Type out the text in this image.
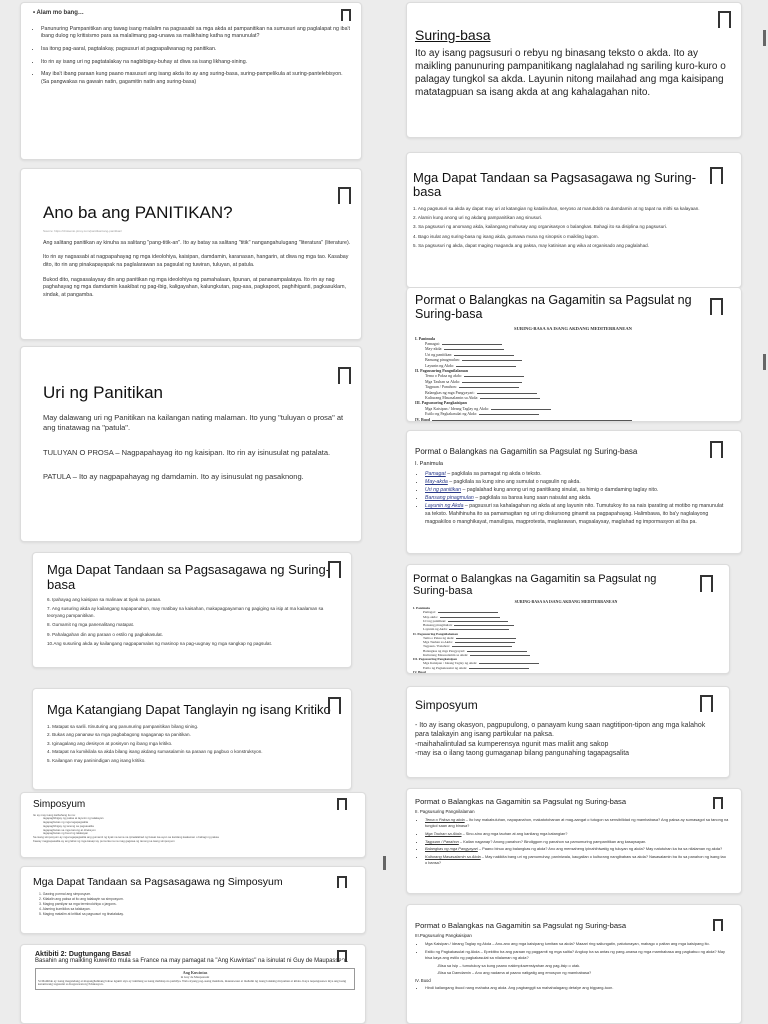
• Alam mo bang…
• Panunuring Pampanitikan ang tawag isang malalim na pagsasabi sa mga akda at pampanitikan na sumusuri ang paglalapat ng iba't ibang dulog ng kritisismo para sa malalimang pag-unawa sa malikhaing katha ng manunulat?
• Isa itong pag-aaral, pagtalakay, pagsusuri at pagpapaliwanag ng panitikan.
• Ito rin ay isang uri ng pagtatalakay na nagbibigay-buhay at diwa sa isang likhang-sining.
• May iba't ibang paraan kung paano masusuri ang isang akda ito ay ang suring-basa, suring-pampelikula at suring-pantelebisyon. (Sa pangwakas na gawain natin, gagamitin natin ang suring-basa)
Ano ba ang PANITIKAN?
Source: https://dmisenio.pinoy.com/panitikan/ang-panitikan/

Ang salitang panitikan ay kinuha sa salitang "pang-titik-an". Ito ay batay sa salitang "titik" nangangahulugang "literatura" (literature).

Ito rin ay nagsasabi at nagpapahayag ng mga ideolohiya, kaisipan, damdamin, karanasan, hangarin, at diwa ng mga tao. Kasabay dito, ito rin ang pinakapayapak na paglalarawan sa pagsulat ng tuwiran, tuluyan, at patula.

Bukod dito, nagsasalaysay din ang panitikan ng mga ideolohiya ng pamahalaan, lipunan, at pananampalataya. Ito rin ay nag paghahayag ng mga damdamin kaakibat ng pag-ibig, kaligayahan, kalungkutan, pag-asa, pagkapoot, paghihiganti, pagkasuklam, sindak, at pangamba.

Uri ng Panitikan

May dalawang uri ng Panitikan na kailangan nating malaman. Ito yung "tuluyan o prosa" at ang tinatawag na "patula".

TULUYAN O PROSA – Nagpapahayag ito ng kaisipan. Ito rin ay isinusulat ng patalata.

PATULA – Ito ay nagpapahayag ng damdamin. Ito ay isinusulat ng pasaknong.

Mga Dapat Tandaan sa Pagsasagawa ng Suring-basa

6. Ipahayag ang kaisipan sa malinaw at tiyak na paraan.

7. Ang susuring akda ay kailangang napapanahon, may matibay na kaisahan, makapagpayaman ng pagiging sa isip at ma kaalaman sa teoryang pampanitikan.

8. Gumamit ng mga panenalitang matapat.

9. Pahalagahan din ang paraan o estilo ng pagkakasulat.

10.Ang susuriing akda ay kailangang nagpapamalas ng masinop na pag-uugnay ng mga sangkap ng pagsulat.

Mga Katangiang Dapat Tanglayin ng isang Kritiko

1. Matapat sa sarili. Itinuturing ang panunuring pampanitikan bilang sining.

2. Bukas ang pananaw sa mga pagbabagong nagaganap sa panitikan.

3. Iginagalang ang desisyon at posisyon ng ibang mga kritiko.

4. Matapat na kumikilala sa akda bilang isang akdang sumasalamin sa paraan ng pagbuo o konstruksyon.

5. Kailangan may paninindigan ang isang kritiko.

Simposyum
Ito ay may isang kaibahang ito na:
tagapagbibigay ng paksa at layunin ng talakayan
tagapagbukas ng mga tagapagsalita
tagapagbibigay ng tanong sa pagsasalita
tagapagbukas sa mga tanong at direksyon
tagapagbukas ng buod ng talakayan
Sa isang simposyum ay mga tagapagsalita ang gumamit ng tiyak na tema na ipinalalahad ng bawat isa ayon sa kanilang kaalaman o bahagi ng paksa
Kaway magpapasalita ay ang lahat ng mga kasapi ay pumunta na na mag gagawa ng tanong sa isang simposyum
Mga Dapat Tandaan sa Pagsasagawa ng Simposyum
1. Gawing pormal ang simposyum.
2. Kilalalin ang paksa at ito ang talakayin sa simposyum.
3. Maging pamilyar sa mga terminolohiya o jargons.
4. Alaming kumikilos sa talakayan.
5. Maging matalim at kritikal sa pagsusuri ng tinatalakay.
Aktibiti 2: Dugtungang Basa!
Basahin ang maikling kuwento mula sa France na may pamagat na "Ang Kuwintas" na isinulat ni Guy de Maupassant.
Ang Kuwintas
ni Guy de Maupassant
Si Mathilde ay isang magandang at mapanghalinang babae ngunit siya ay isinilang sa isang mahirap na pamilya. Wala siyang pag-asang makilala, maunawaan at mahalin ng isang lalaking mayaman at kilala. Kaya napangasawa niya ang isang karaniwang tagasulat sa Kagawaran ng Edukasyon.
Suring-basa

Ito ay isang pagsusuri o rebyu ng binasang teksto o akda. Ito ay maikling panunuring pampanitikang naglalahad ng sariling kuro-kuro o palagay tungkol sa akda. Layunin nitong mailahad ang mga kaisipang matatagpuan sa isang akda at ang kahalagahan nito.

Mga Dapat Tandaan sa Pagsasagawa ng Suring-basa

1. Ang pagsusuri sa akda ay dapat may uri at katangian ng katalinuhan, seryoso at marubdob na damdamin at ng tapat na mithi sa kalayaan.

2. Alamin kung anong uri ng akdang pampanitikan ang sinusuri.

3. Sa pagsusuri ng anomang akda, kailangang mahusay ang organisasyon o balangkas. Bahagi ito sa disiplina ng pagsusuri.

4. Bago isulat ang suring-basa ng isang akda, gumawa muna ng sinopsis o maikling lagom.

5. Sa pagsusuri ng akda, dapat maging maganda ang paksa, may katinisan ang wika at organisado ang paglalahad.

Pormat o Balangkas na Gagamitin sa Pagsulat ng Suring-basa
SURING-BASA SA ISANG AKDANG MEDITERRANEAN
I. Panimula
Pamagat:
May-akda:
Uri ng panitikan:
Bansang pinagmulan:
Layunin ng Akda:
II. Pagsusuring Pangnilalaman
Tema o Paksa ng akda:
Mga Tauhan sa Akda:
Tagpuan / Panahon:
Balangkas ng mga Pangyayari:
Kulturang Masasalamin sa Akda:
III. Pagsusuring Pangkaisipan
Mga Kaisipan / Ideang Taglay ng Akda:
Estilo ng Pagkakasulat ng Akda:
IV. Buod
Pormat o Balangkas na Gagamitin sa Pagsulat ng Suring-basa
I. Panimula
• Pamagat – pagkilala sa pamagat ng akda o teksto.
• May-akda – pagkilala sa kung sino ang sumulat o nagsulin ng akda.
• Uri ng panitikan – paglalahad kung anong uri ng panitikang sinulat, sa himig o damdaming taglay nito.
• Bansang pinagmulan – pagkilala sa bansa kung saan naisulat ang akda.
• Layunin ng Akda – pagsusuri sa kahalagahan ng akda at ang layunin nito. Tumutukoy ito sa nais iparating at motibo ng manunulat sa teksto. Mahihinuha ito sa pamamagitan ng uri ng diskursong ginamit sa pagpapahayag. Halimbawa, ito ba'y naglalayong magpakilos o manghikayat, manuligsa, magprotesta, maglarawan, magsalaysay, maglahad ng impormasyon at iba pa.
Pormat o Balangkas na Gagamitin sa Pagsulat ng Suring-basa
SURING-BASA SA ISANG AKDANG MEDITERRANEAN
I. Panimula
Pamagat:
May-akda:
Uri ng panitikan:
Bansang pinagmulan:
Layunin ng Akda:
II. Pagsusuring Pangnilalaman
Tema o Paksa ng akda:
Mga Tauhan sa Akda:
Tagpuan / Panahon:
Balangkas ng mga Pangyayari:
Kulturang Masasalamin sa Akda:
III. Pagsusuring Pangkaisipan
Mga Kaisipan / Ideang Taglay ng Akda:
Estilo ng Pagkakasulat ng Akda:
IV. Buod
Simposyum
- Ito ay isang okasyon, pagpupulong, o panayam kung saan nagtitipon-tipon ang mga kalahok para talakayin ang isang partikular na paksa.
-maihahalintulad sa kumperensya ngunit mas maliit ang sakop
-may isa o ilang taong gumaganap bilang pangunahing tagapagsalita
Pormat o Balangkas na Gagamitin sa Pagsulat ng Suring-basa
II. Pagsusuring Pangnilalaman
• Tema o Paksa ng akda – Ito bay makabuluhan, napapanahon, makatotohanan at mag-aangat o tutugon sa sensibilidad ng mambabasa? Ang paksa ay sumasagot sa tanong na tungkol saan ang binasa?
• Mga Tauhan sa Akda – Sino-sino ang mga tauhan at ang kanilang mga katangian?
• Tagpuan / Panahon – Kailan naganap? Anong panahon? Bindiggom ng panahon sa pamumuring pampanitikan ang kasaysayan.
• Balangkas ng mga Pangyayari – Paano binuo ang balangkas ng akda? Ano ang mensaheng ipinahihiwatig ng tuluyan ng akda? May natutuhan ka ba sa nilalaman ng akda?
• Kulturang Masasalamin sa Akda – May nakikita bang uri ng pamumuhay, paniniwala, kaugalian o kulturang nangibabaw sa akda? Nasasalamin ba ito sa panahon ng isang tao o bansa?
Pormat o Balangkas na Gagamitin sa Pagsulat ng Suring-basa
III.Pagsusuring Pangkaisipan
• Mga Kaisipan / Ideang Taglay ng Akda – Ano-ano ang mga kaisipang lumitaw sa akda? Maaari ring saliungatin, patutunayan, mabago o paitan ang mga kaisipang ito.
• Estilo ng Pagkakasulat ng Akda – Epektibo ba ang paraan ng paggamit ng mga salita? Angkop ba sa antas ng pang-unawa ng mga mambabasa ang pagkabuo ng akda? May bisa kaya ang estilo ng pagkakasulat sa nilalaman ng akda?
-Bisa sa Isip – tumutukoy sa kung paano nakimpluwensiyahan ang pag-iisip o utak.
-Bisa sa Damdamin – Ano ang nadama at paano natigatig ang emosyon ng mambabasa?
IV. Buod
• Hindi kailangang ibuod nang mahaba ang akda. Ang pagbanggit sa mahahalagang detalye ang bigyang-tuon.
